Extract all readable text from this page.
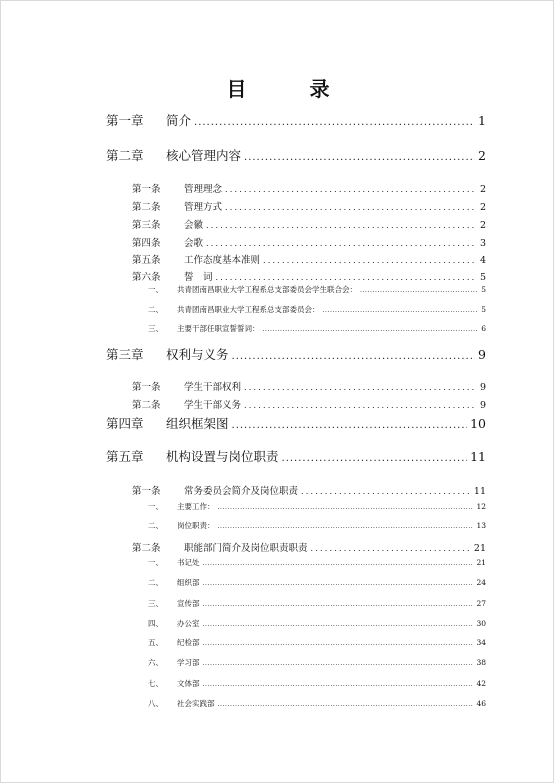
目 录
第一章	简介 .....	1
第二章	核心管理内容 .....	2
第一条	管理理念 .....	2
第二条	管理方式 .....	2
第三条	会徽 .....	2
第四条	会歌 .....	3
第五条	工作态度基本准则 .....	4
第六条	誓　词 .....	5
一、	共青团南昌职业大学工程系总支部委员会学生联合会： .....	5
二、	共青团南昌职业大学工程系总支部委员会： .....	5
三、	主要干部任职宣誓誓词： .....	6
第三章	权利与义务 .....	9
第一条	学生干部权利 .....	9
第二条	学生干部义务 .....	9
第四章	组织框架图 .....	10
第五章	机构设置与岗位职责 .....	11
第一条	常务委员会简介及岗位职责 .....	11
一、	主要工作： .....	12
二、	岗位职责： .....	13
第二条	职能部门简介及岗位职责职责 .....	21
一、	书记处 .....	21
二、	组织部 .....	24
三、	宣传部 .....	27
四、	办公室 .....	30
五、	纪检部 .....	34
六、	学习部 .....	38
七、	文体部 .....	42
八、	社会实践部 .....	46
